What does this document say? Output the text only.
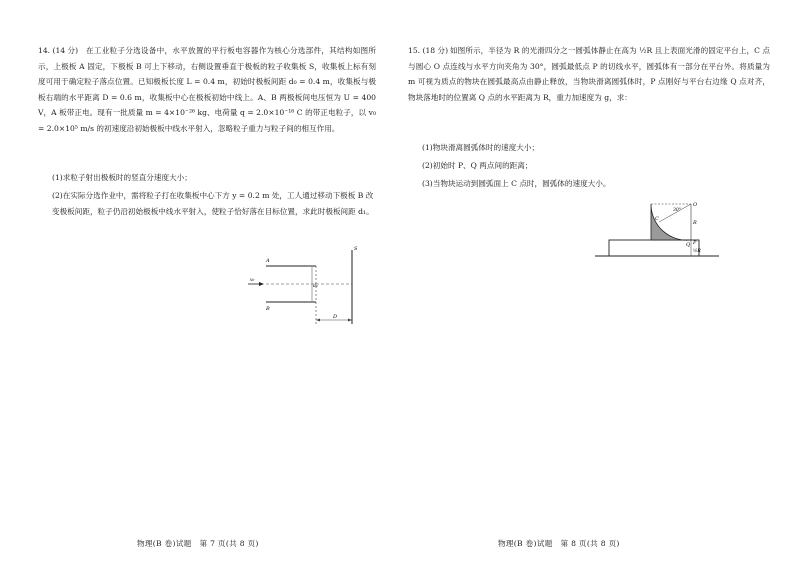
14. (14 分)	在工业粒子分选设备中，水平放置的平行板电容器作为核心分选部件，其结构如图所示，上极板 A 固定，下极板 B 可上下移动，右侧设置垂直于极板的粒子收集板 S，收集板上标有刻度可用于确定粒子落点位置。已知极板长度 L = 0.4 m，初始时极板间距 d₀ = 0.4 m，收集板与极板右端的水平距离 D = 0.6 m，收集板中心在极板初始中线上。A、B 两极板间电压恒为 U = 400 V，A 板带正电。现有一批质量 m = 4×10⁻²⁶ kg、电荷量 q = 2.0×10⁻¹⁶ C 的带正电粒子，以 v₀ = 2.0×10⁵ m/s 的初速度沿初始极板中线水平射入，忽略粒子重力与粒子间的相互作用。

(1)求粒子射出极板时的竖直分速度大小；

(2)在实际分选作业中，需将粒子打在收集板中心下方 y = 0.2 m 处，工人通过移动下极板 B 改变极板间距，粒子仍沿初始极板中线水平射入，使粒子恰好落在目标位置，求此时极板间距 d₁。

A
B
S
v₀
d₀
D
物理(B 卷)试题　第 7 页(共 8 页)
15. (18 分) 如图所示，半径为 R 的光滑四分之一圆弧体静止在高为 ½R 且上表面光滑的固定平台上，C 点与圆心 O 点连线与水平方向夹角为 30°，圆弧最低点 P 的切线水平，圆弧体有一部分在平台外。将质量为 m 可视为质点的物块在圆弧最高点由静止释放，当物块滑离圆弧体时，P 点刚好与平台右边缘 Q 点对齐，物块落地时的位置离 Q 点的水平距离为 R，重力加速度为 g，求：

(1)物块滑离圆弧体时的速度大小；

(2)初始时 P、Q 两点间的距离；

(3)当物块运动到圆弧面上 C 点时，圆弧体的速度大小。

O
30°
C
R
Q P
½R
物理(B 卷)试题　第 8 页(共 8 页)
